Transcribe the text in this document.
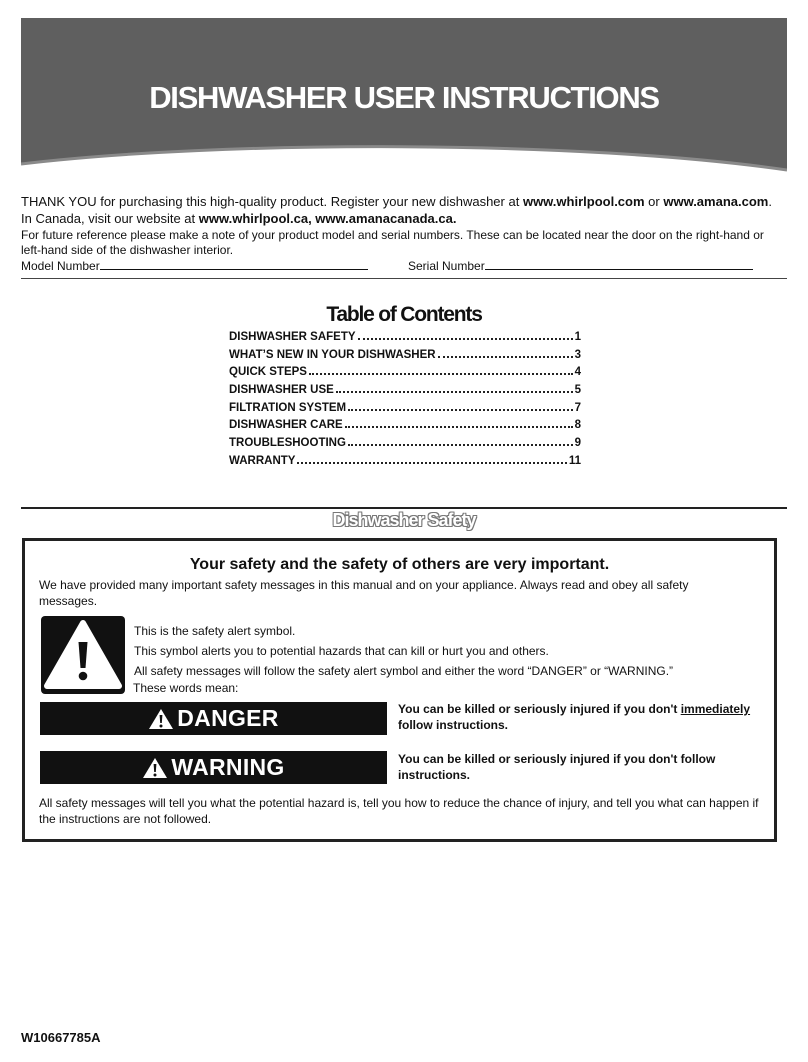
DISHWASHER USER INSTRUCTIONS
THANK YOU for purchasing this high-quality product. Register your new dishwasher at www.whirlpool.com or www.amana.com.
In Canada, visit our website at www.whirlpool.ca, www.amanacanada.ca.
For future reference please make a note of your product model and serial numbers. These can be located near the door on the right-hand or left-hand side of the dishwasher interior.
Model Number	Serial Number
Table of Contents
DISHWASHER SAFETY	1
WHAT’S NEW IN YOUR DISHWASHER	3
QUICK STEPS	4
DISHWASHER USE	5
FILTRATION SYSTEM	7
DISHWASHER CARE	8
TROUBLESHOOTING	9
WARRANTY	11
Dishwasher Safety
Your safety and the safety of others are very important.
We have provided many important safety messages in this manual and on your appliance. Always read and obey all safety messages.
This is the safety alert symbol.
This symbol alerts you to potential hazards that can kill or hurt you and others.
All safety messages will follow the safety alert symbol and either the word “DANGER” or “WARNING.”
These words mean:
DANGER	You can be killed or seriously injured if you don't immediately
follow instructions.
WARNING	You can be killed or seriously injured if you don't follow instructions.
All safety messages will tell you what the potential hazard is, tell you how to reduce the chance of injury, and tell you what can happen if the instructions are not followed.
W10667785A
